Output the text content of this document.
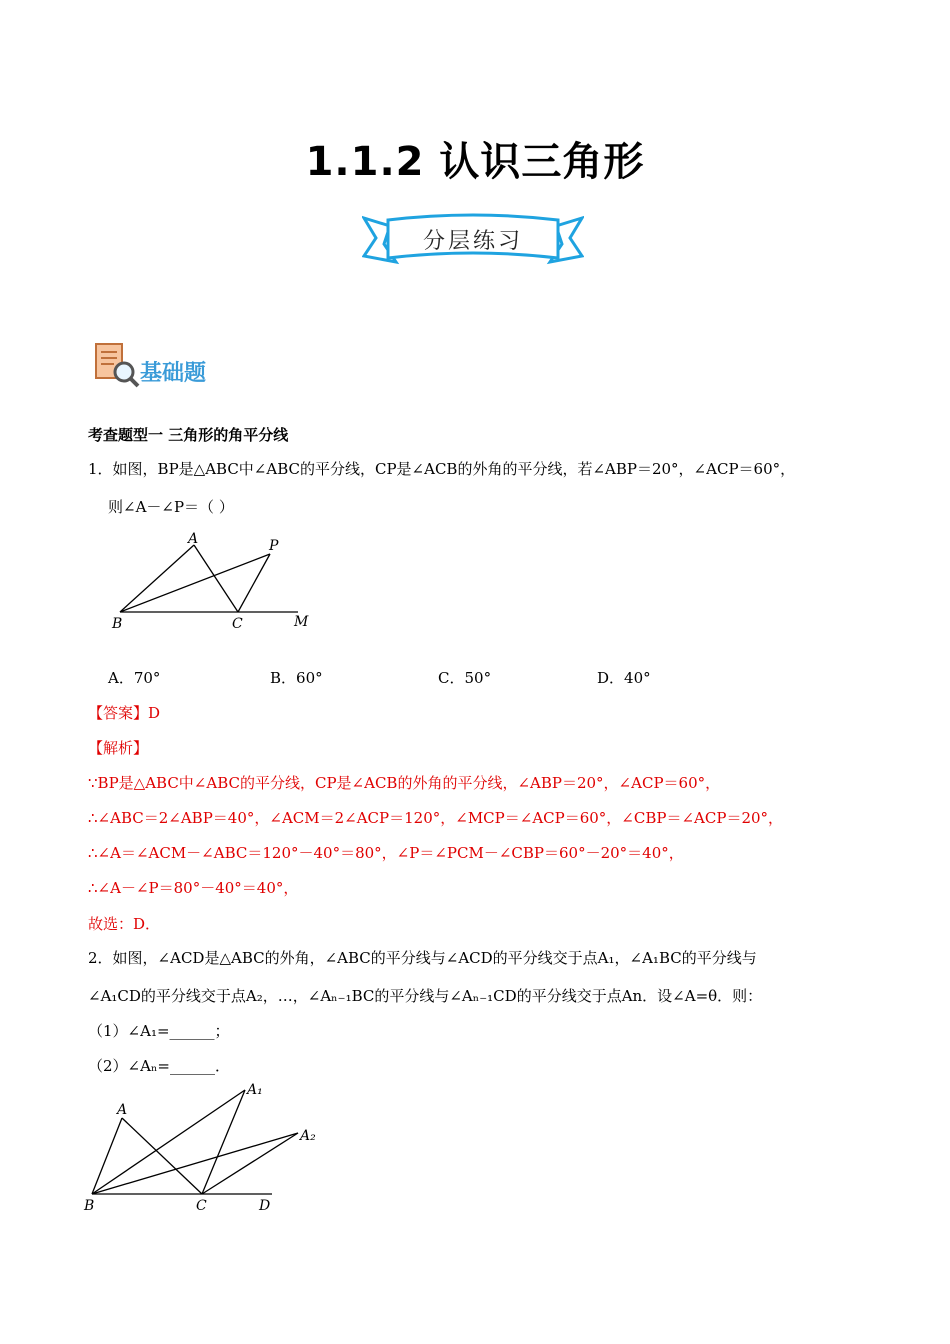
1.1.2 认识三角形
分层练习
基础题
考查题型一 三角形的角平分线
1．如图，BP是△ABC中∠ABC的平分线，CP是∠ACB的外角的平分线，若∠ABP＝20°，∠ACP＝60°，
则∠A－∠P＝（ ）
A	P
B	C	M
A．70°	B．60°	C．50°	D．40°
【答案】D
【解析】
∵BP是△ABC中∠ABC的平分线，CP是∠ACB的外角的平分线，∠ABP＝20°，∠ACP＝60°，
∴∠ABC＝2∠ABP＝40°，∠ACM＝2∠ACP＝120°，∠MCP＝∠ACP＝60°，∠CBP＝∠ACP＝20°，
∴∠A＝∠ACM－∠ABC＝120°－40°＝80°，∠P＝∠PCM－∠CBP＝60°－20°＝40°，
∴∠A－∠P＝80°－40°＝40°，
故选：D．
2．如图，∠ACD是△ABC的外角，∠ABC的平分线与∠ACD的平分线交于点A₁，∠A₁BC的平分线与
∠A₁CD的平分线交于点A₂，…，∠Aₙ₋₁BC的平分线与∠Aₙ₋₁CD的平分线交于点An．设∠A=θ．则：
（1）∠A₁=______；
（2）∠Aₙ=______．
A
A₁
A₂
B	C	D
